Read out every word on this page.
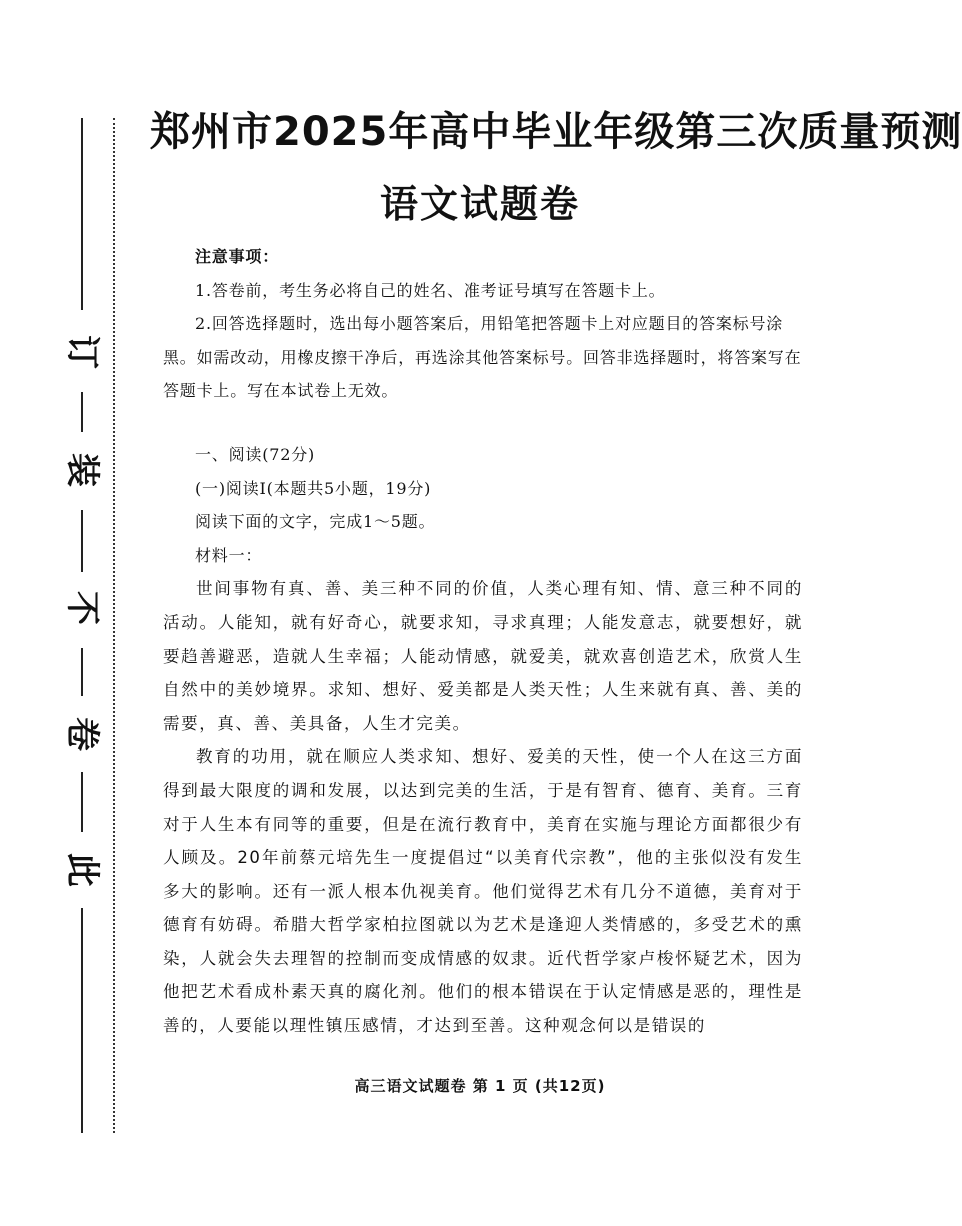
订
装
不
卷
此
郑州市2025年高中毕业年级第三次质量预测
语文试题卷

注意事项：

1.答卷前，考生务必将自己的姓名、准考证号填写在答题卡上。

2.回答选择题时，选出每小题答案后，用铅笔把答题卡上对应题目的答案标号涂黑。如需改动，用橡皮擦干净后，再选涂其他答案标号。回答非选择题时，将答案写在答题卡上。写在本试卷上无效。

一、阅读(72分)

(一)阅读Ⅰ(本题共5小题，19分)

阅读下面的文字，完成1～5题。

材料一：

世间事物有真、善、美三种不同的价值，人类心理有知、情、意三种不同的活动。人能知，就有好奇心，就要求知，寻求真理；人能发意志，就要想好，就要趋善避恶，造就人生幸福；人能动情感，就爱美，就欢喜创造艺术，欣赏人生自然中的美妙境界。求知、想好、爱美都是人类天性；人生来就有真、善、美的需要，真、善、美具备，人生才完美。

教育的功用，就在顺应人类求知、想好、爱美的天性，使一个人在这三方面得到最大限度的调和发展，以达到完美的生活，于是有智育、德育、美育。三育对于人生本有同等的重要，但是在流行教育中，美育在实施与理论方面都很少有人顾及。20年前蔡元培先生一度提倡过“以美育代宗教”，他的主张似没有发生多大的影响。还有一派人根本仇视美育。他们觉得艺术有几分不道德，美育对于德育有妨碍。希腊大哲学家柏拉图就以为艺术是逢迎人类情感的，多受艺术的熏染，人就会失去理智的控制而变成情感的奴隶。近代哲学家卢梭怀疑艺术，因为他把艺术看成朴素天真的腐化剂。他们的根本错误在于认定情感是恶的，理性是善的，人要能以理性镇压感情，才达到至善。这种观念何以是错误的

高三语文试题卷 第 1 页 (共12页)
